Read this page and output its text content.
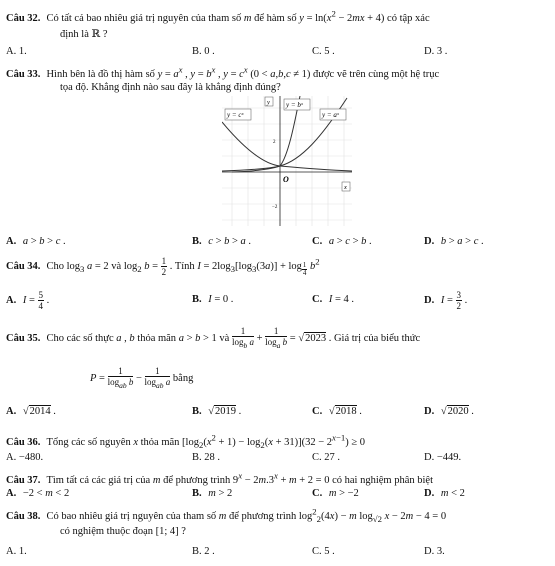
Câu 32. Có tất cả bao nhiêu giá trị nguyên của tham số m để hàm số $y = \ln(x^2 - 2mx + 4)$ có tập xác
định là ℝ ?
A. 1.	B. 0 .	C. 5 .	D. 3 .
Câu 33. Hình bên là đồ thị hàm số $y = a^x$ , $y = b^x$ , $y = c^x$ (0 < a,b,c ≠ 1) được vẽ trên cùng một hệ trục
tọa độ. Khẳng định nào sau đây là khẳng định đúng?
y = cˣ
y = bˣ
y = aˣ
y
x
O
2
−2
A. a > b > c .	B. c > b > a .	C. a > c > b .	D. b > a > c .
Câu 34. Cho $\log_3 a = 2$ và $\log_2 b = \frac{1}{2}$ . Tính $I = 2\log_3[\log_3(3a)] + \log _{\frac{1}{4}}$ $b^2$
A. $I = \frac{5}{4}$ .	B. I = 0 .	C. I = 4 .	D. $I = \frac{3}{2}$ .
Câu 35. Cho các số thực a , b thỏa mãn a > b > 1 và $\frac{1}{\log_b a} + \frac{1}{\log_a b} = √2023$ . Giá trị của biểu thức
$P = \frac{1}{\log_{ab} b} - \frac{1}{\log_{ab} a}$ bằng
A. √2014 .	B. √2019 .	C. √2018 .	D. √2020 .
Câu 36. Tổng các số nguyên x thỏa mãn $[\log_2(x^2 + 1) - \log_2(x + 31)](32 - 2^{x-1}) \ge 0$
A. −480.	B. 28 .	C. 27 .	D. −449.
Câu 37. Tìm tất cả các giá trị của m để phương trình $9^x - 2m.3^x + m + 2 = 0$ có hai nghiệm phân biệt
A. −2 < m < 2	B. m > 2	C. m > −2	D. m < 2
Câu 38. Có bao nhiêu giá trị nguyên của tham số m để phương trình $\log^2_2(4x) - m$ $\log_{√2} x - 2m - 4 = 0$
có nghiệm thuộc đoạn [1; 4] ?
A. 1.	B. 2 .	C. 5 .	D. 3.
